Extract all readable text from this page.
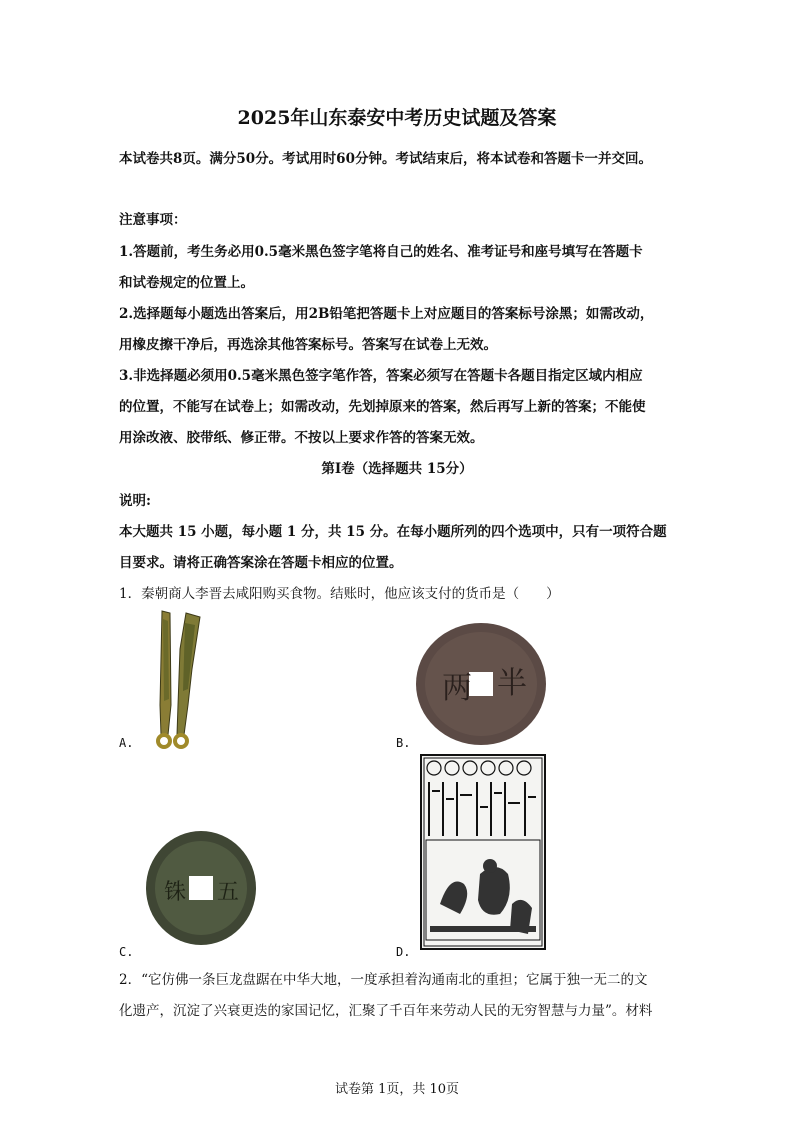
2025年山东泰安中考历史试题及答案
本试卷共8页。满分50分。考试用时60分钟。考试结束后，将本试卷和答题卡一并交回。
注意事项：
1.答题前，考生务必用0.5毫米黑色签字笔将自己的姓名、准考证号和座号填写在答题卡
和试卷规定的位置上。
2.选择题每小题选出答案后，用2B铅笔把答题卡上对应题目的答案标号涂黑；如需改动，
用橡皮擦干净后，再选涂其他答案标号。答案写在试卷上无效。
3.非选择题必须用0.5毫米黑色签字笔作答，答案必须写在答题卡各题目指定区域内相应
的位置，不能写在试卷上；如需改动，先划掉原来的答案，然后再写上新的答案；不能使
用涂改液、胶带纸、修正带。不按以上要求作答的答案无效。
第Ⅰ卷（选择题共 15分）
说明:
本大题共 15 小题，每小题 1 分，共 15 分。在每小题所列的四个选项中，只有一项符合题
目要求。请将正确答案涂在答题卡相应的位置。
1．秦朝商人李晋去咸阳购买食物。结账时，他应该支付的货币是（　　）
A.
两 半
B.
五
铢
C.	D.
2．“它仿佛一条巨龙盘踞在中华大地，一度承担着沟通南北的重担；它属于独一无二的文
化遗产，沉淀了兴衰更迭的家国记忆，汇聚了千百年来劳动人民的无穷智慧与力量”。材料
试卷第 1页，共 10页
